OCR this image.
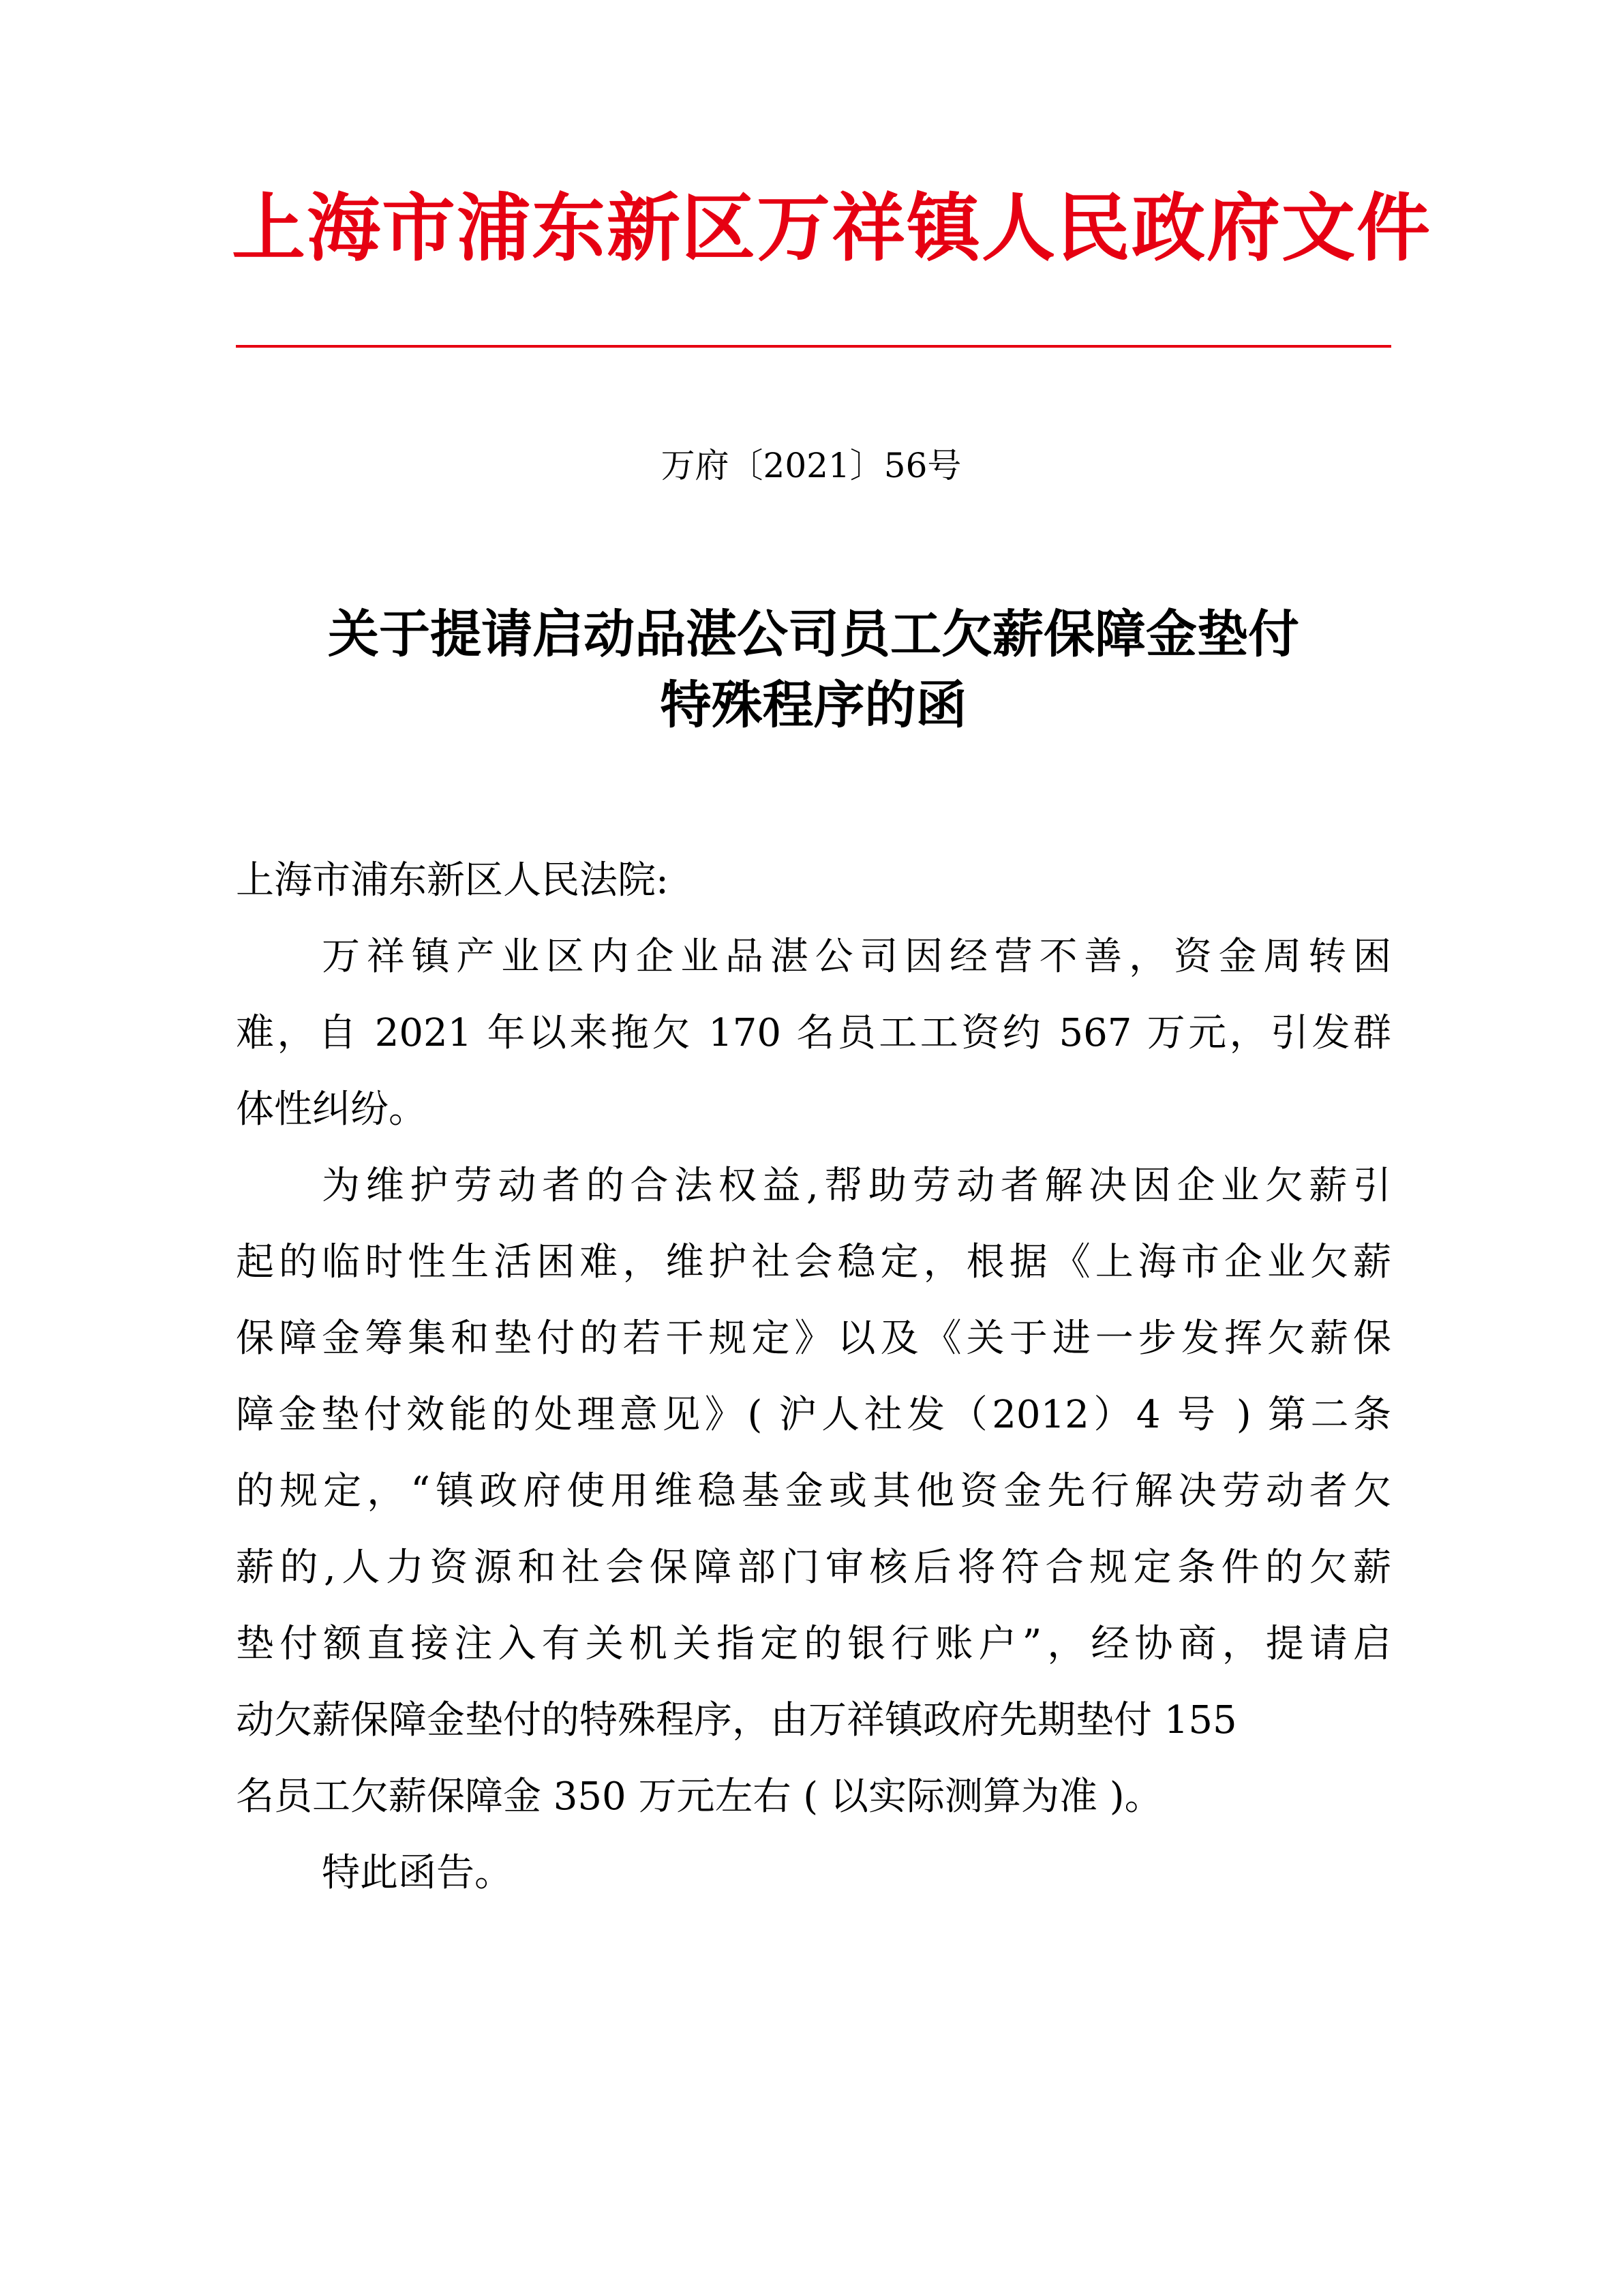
上海市浦东新区万祥镇人民政府文件
万府〔2021〕56号
关于提请启动品湛公司员工欠薪保障金垫付
特殊程序的函
上海市浦东新区人民法院:
万祥镇产业区内企业品湛公司因经营不善，资金周转困
难，自 2021 年以来拖欠 170 名员工工资约 567 万元，引发群
体性纠纷。
为维护劳动者的合法权益,帮助劳动者解决因企业欠薪引
起的临时性生活困难，维护社会稳定，根据《上海市企业欠薪
保障金筹集和垫付的若干规定》以及《关于进一步发挥欠薪保
障金垫付效能的处理意见》( 沪人社发（2012）4 号 ) 第二条
的规定，“镇政府使用维稳基金或其他资金先行解决劳动者欠
薪的,人力资源和社会保障部门审核后将符合规定条件的欠薪
垫付额直接注入有关机关指定的银行账户”，经协商，提请启
动欠薪保障金垫付的特殊程序，由万祥镇政府先期垫付 155
名员工欠薪保障金 350 万元左右 ( 以实际测算为准 )。
特此函告。
